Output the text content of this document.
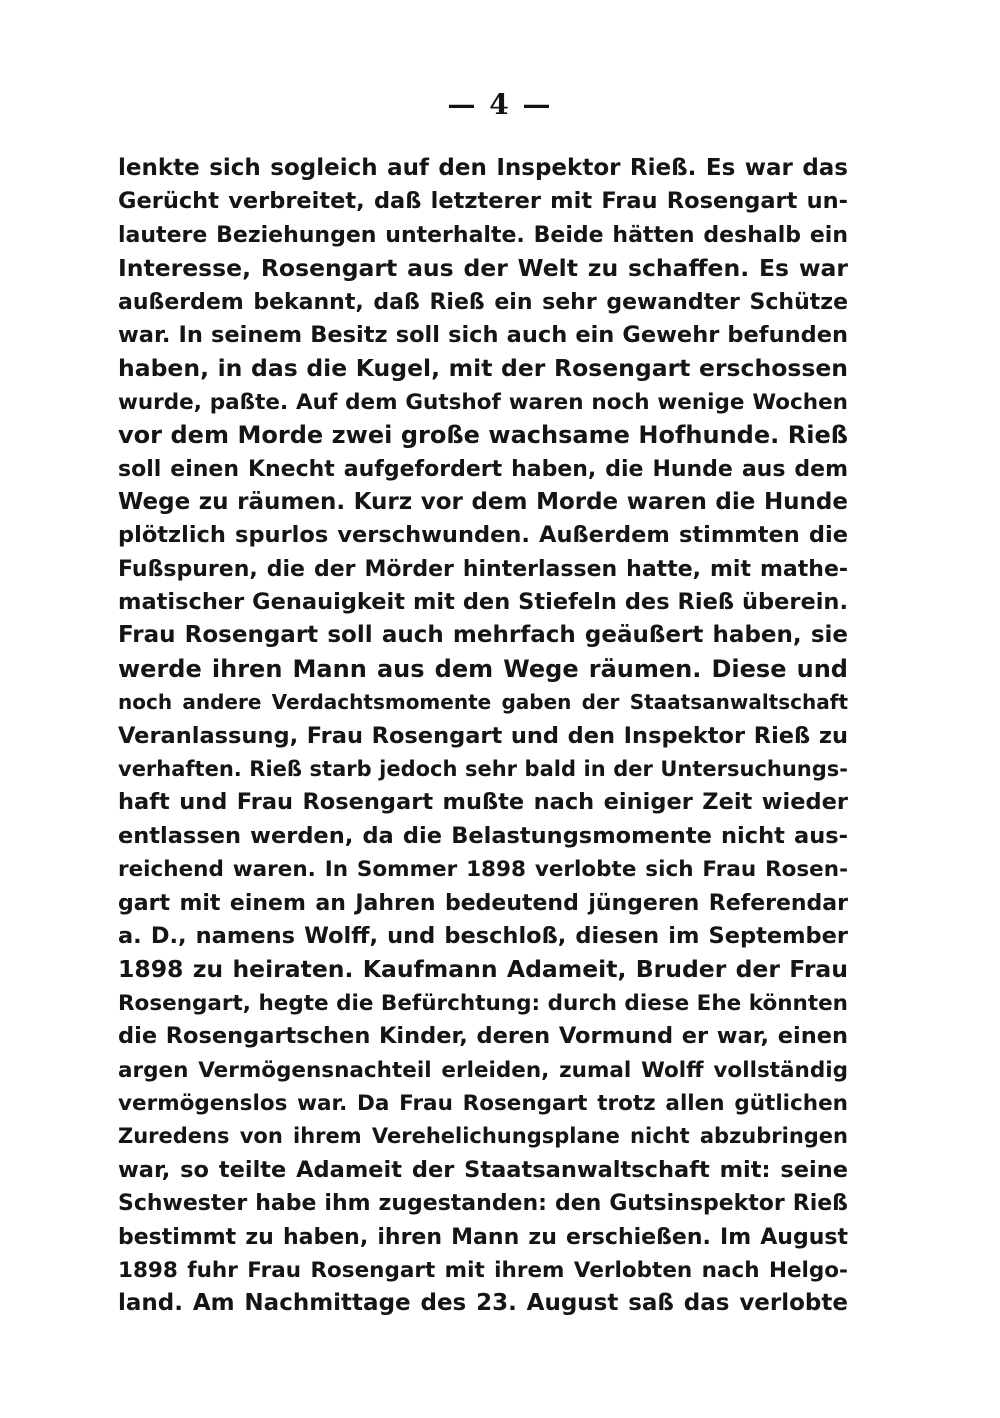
— 4 —
lenkte sich sogleich auf den Inspektor Rieß. Es war das
Gerücht verbreitet, daß letzterer mit Frau Rosengart un-
lautere Beziehungen unterhalte. Beide hätten deshalb ein
Interesse, Rosengart aus der Welt zu schaffen. Es war
außerdem bekannt, daß Rieß ein sehr gewandter Schütze
war. In seinem Besitz soll sich auch ein Gewehr befunden
haben, in das die Kugel, mit der Rosengart erschossen
wurde, paßte. Auf dem Gutshof waren noch wenige Wochen
vor dem Morde zwei große wachsame Hofhunde. Rieß
soll einen Knecht aufgefordert haben, die Hunde aus dem
Wege zu räumen. Kurz vor dem Morde waren die Hunde
plötzlich spurlos verschwunden. Außerdem stimmten die
Fußspuren, die der Mörder hinterlassen hatte, mit mathe-
matischer Genauigkeit mit den Stiefeln des Rieß überein.
Frau Rosengart soll auch mehrfach geäußert haben, sie
werde ihren Mann aus dem Wege räumen. Diese und
noch andere Verdachtsmomente gaben der Staatsanwaltschaft
Veranlassung, Frau Rosengart und den Inspektor Rieß zu
verhaften. Rieß starb jedoch sehr bald in der Untersuchungs-
haft und Frau Rosengart mußte nach einiger Zeit wieder
entlassen werden, da die Belastungsmomente nicht aus-
reichend waren. In Sommer 1898 verlobte sich Frau Rosen-
gart mit einem an Jahren bedeutend jüngeren Referendar
a. D., namens Wolff, und beschloß, diesen im September
1898 zu heiraten. Kaufmann Adameit, Bruder der Frau
Rosengart, hegte die Befürchtung: durch diese Ehe könnten
die Rosengartschen Kinder, deren Vormund er war, einen
argen Vermögensnachteil erleiden, zumal Wolff vollständig
vermögenslos war. Da Frau Rosengart trotz allen gütlichen
Zuredens von ihrem Verehelichungsplane nicht abzubringen
war, so teilte Adameit der Staatsanwaltschaft mit: seine
Schwester habe ihm zugestanden: den Gutsinspektor Rieß
bestimmt zu haben, ihren Mann zu erschießen. Im August
1898 fuhr Frau Rosengart mit ihrem Verlobten nach Helgo-
land. Am Nachmittage des 23. August saß das verlobte
